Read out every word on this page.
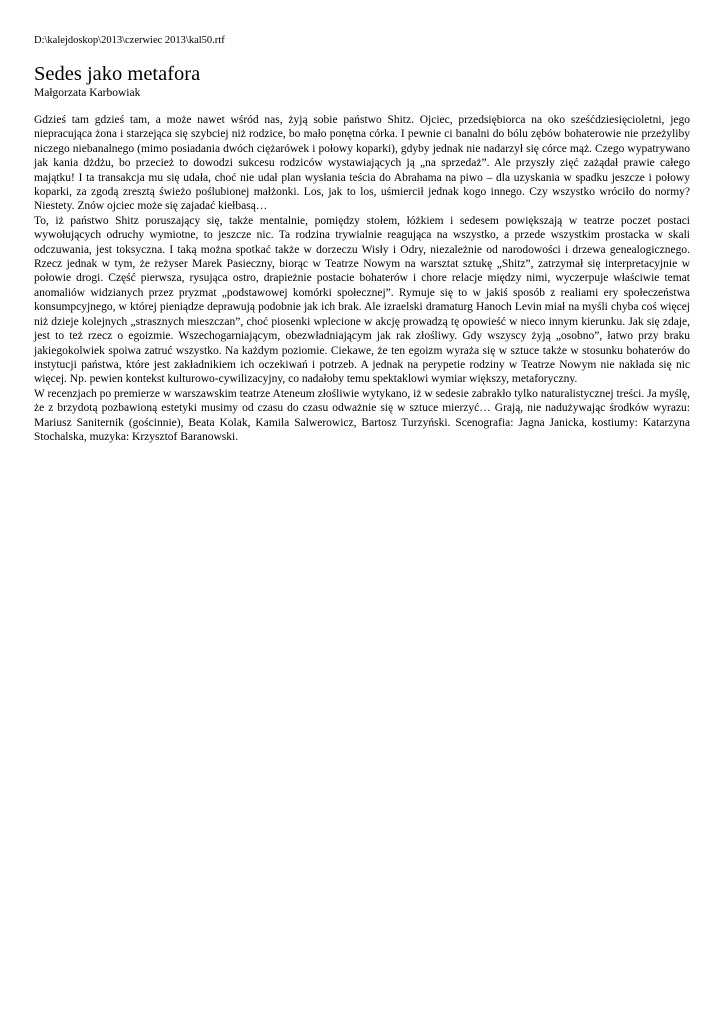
D:\kalejdoskop\2013\czerwiec 2013\kal50.rtf
Sedes jako metafora
Małgorzata Karbowiak

Gdzieś tam gdzieś tam, a może nawet wśród nas, żyją sobie państwo Shitz. Ojciec, przedsiębiorca na oko sześćdziesięcioletni, jego niepracująca żona i starzejąca się szybciej niż rodzice, bo mało ponętna córka. I pewnie ci banalni do bólu zębów bohaterowie nie przeżyliby niczego niebanalnego (mimo posiadania dwóch ciężarówek i połowy koparki), gdyby jednak nie nadarzył się córce mąż. Czego wypatrywano jak kania dżdżu, bo przecież to dowodzi sukcesu rodziców wystawiających ją „na sprzedaż”. Ale przyszły zięć zażądał prawie całego majątku! I ta transakcja mu się udała, choć nie udał plan wysłania teścia do Abrahama na piwo – dla uzyskania w spadku jeszcze i połowy koparki, za zgodą zresztą świeżo poślubionej małżonki. Los, jak to los, uśmiercił jednak kogo innego. Czy wszystko wróciło do normy? Niestety. Znów ojciec może się zajadać kiełbasą…

To, iż państwo Shitz poruszający się, także mentalnie, pomiędzy stołem, łóżkiem i sedesem powiększają w teatrze poczet postaci wywołujących odruchy wymiotne, to jeszcze nic. Ta rodzina trywialnie reagująca na wszystko, a przede wszystkim prostacka w skali odczuwania, jest toksyczna. I taką można spotkać także w dorzeczu Wisły i Odry, niezależnie od narodowości i drzewa genealogicznego. Rzecz jednak w tym, że reżyser Marek Pasieczny, biorąc w Teatrze Nowym na warsztat sztukę „Shitz”, zatrzymał się interpretacyjnie w połowie drogi. Część pierwsza, rysująca ostro, drapieżnie postacie bohaterów i chore relacje między nimi, wyczerpuje właściwie temat anomaliów widzianych przez pryzmat „podstawowej komórki społecznej”. Rymuje się to w jakiś sposób z realiami ery społeczeństwa konsumpcyjnego, w której pieniądze deprawują podobnie jak ich brak. Ale izraelski dramaturg Hanoch Levin miał na myśli chyba coś więcej niż dzieje kolejnych „strasznych mieszczan”, choć piosenki wplecione w akcję prowadzą tę opowieść w nieco innym kierunku. Jak się zdaje, jest to też rzecz o egoizmie. Wszechogarniającym, obezwładniającym jak rak złośliwy. Gdy wszyscy żyją „osobno”, łatwo przy braku jakiegokolwiek spoiwa zatruć wszystko. Na każdym poziomie. Ciekawe, że ten egoizm wyraża się w sztuce także w stosunku bohaterów do instytucji państwa, które jest zakładnikiem ich oczekiwań i potrzeb. A jednak na perypetie rodziny w Teatrze Nowym nie nakłada się nic więcej. Np. pewien kontekst kulturowo-cywilizacyjny, co nadałoby temu spektaklowi wymiar większy, metaforyczny.

W recenzjach po premierze w warszawskim teatrze Ateneum złośliwie wytykano, iż w sedesie zabrakło tylko naturalistycznej treści. Ja myślę, że z brzydotą pozbawioną estetyki musimy od czasu do czasu odważnie się w sztuce mierzyć… Grają, nie nadużywając środków wyrazu: Mariusz Saniternik (gościnnie), Beata Kolak, Kamila Salwerowicz, Bartosz Turzyński. Scenografia: Jagna Janicka, kostiumy: Katarzyna Stochalska, muzyka: Krzysztof Baranowski.
